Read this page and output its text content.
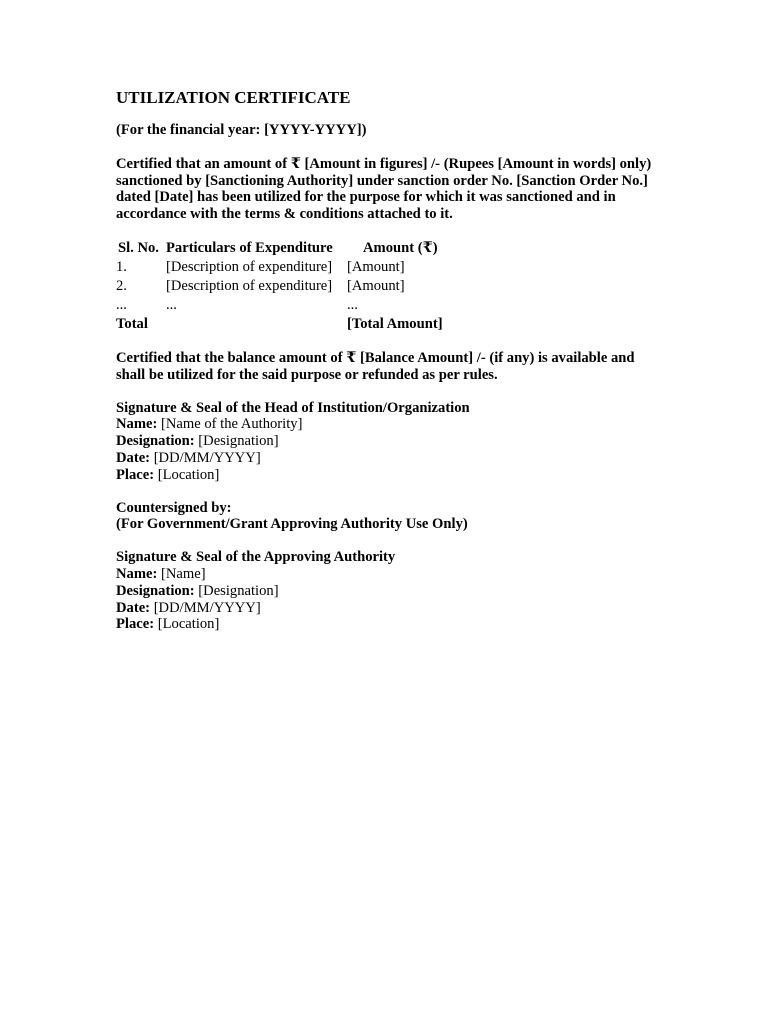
UTILIZATION CERTIFICATE
(For the financial year: [YYYY-YYYY])
Certified that an amount of ₹ [Amount in figures] /- (Rupees [Amount in words] only) sanctioned by [Sanctioning Authority] under sanction order No. [Sanction Order No.] dated [Date] has been utilized for the purpose for which it was sanctioned and in accordance with the terms & conditions attached to it.
Sl. No.	Particulars of Expenditure	Amount (₹)
1.	[Description of expenditure]	[Amount]
2.	[Description of expenditure]	[Amount]
...	...	...
Total		[Total Amount]
Certified that the balance amount of ₹ [Balance Amount] /- (if any) is available and shall be utilized for the said purpose or refunded as per rules.
Signature & Seal of the Head of Institution/Organization
Name: [Name of the Authority]
Designation: [Designation]
Date: [DD/MM/YYYY]
Place: [Location]
Countersigned by:
(For Government/Grant Approving Authority Use Only)
Signature & Seal of the Approving Authority
Name: [Name]
Designation: [Designation]
Date: [DD/MM/YYYY]
Place: [Location]
